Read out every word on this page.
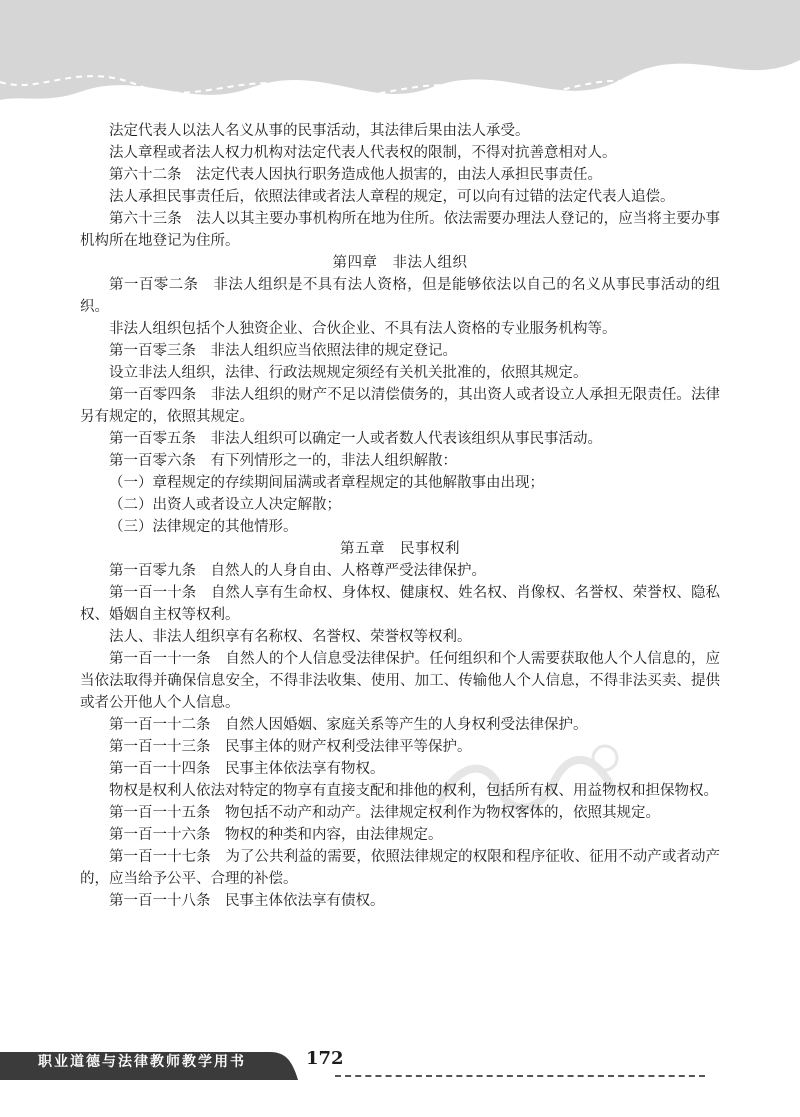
法定代表人以法人名义从事的民事活动，其法律后果由法人承受。

法人章程或者法人权力机构对法定代表人代表权的限制，不得对抗善意相对人。

第六十二条　法定代表人因执行职务造成他人损害的，由法人承担民事责任。

法人承担民事责任后，依照法律或者法人章程的规定，可以向有过错的法定代表人追偿。

第六十三条　法人以其主要办事机构所在地为住所。依法需要办理法人登记的，应当将主要办事机构所在地登记为住所。

第四章　非法人组织

第一百零二条　非法人组织是不具有法人资格，但是能够依法以自己的名义从事民事活动的组织。

非法人组织包括个人独资企业、合伙企业、不具有法人资格的专业服务机构等。

第一百零三条　非法人组织应当依照法律的规定登记。

设立非法人组织，法律、行政法规规定须经有关机关批准的，依照其规定。

第一百零四条　非法人组织的财产不足以清偿债务的，其出资人或者设立人承担无限责任。法律另有规定的，依照其规定。

第一百零五条　非法人组织可以确定一人或者数人代表该组织从事民事活动。

第一百零六条　有下列情形之一的，非法人组织解散：

（一）章程规定的存续期间届满或者章程规定的其他解散事由出现；

（二）出资人或者设立人决定解散；

（三）法律规定的其他情形。

第五章　民事权利

第一百零九条　自然人的人身自由、人格尊严受法律保护。

第一百一十条　自然人享有生命权、身体权、健康权、姓名权、肖像权、名誉权、荣誉权、隐私权、婚姻自主权等权利。

法人、非法人组织享有名称权、名誉权、荣誉权等权利。

第一百一十一条　自然人的个人信息受法律保护。任何组织和个人需要获取他人个人信息的，应当依法取得并确保信息安全，不得非法收集、使用、加工、传输他人个人信息，不得非法买卖、提供或者公开他人个人信息。

第一百一十二条　自然人因婚姻、家庭关系等产生的人身权利受法律保护。

第一百一十三条　民事主体的财产权利受法律平等保护。

第一百一十四条　民事主体依法享有物权。

物权是权利人依法对特定的物享有直接支配和排他的权利，包括所有权、用益物权和担保物权。

第一百一十五条　物包括不动产和动产。法律规定权利作为物权客体的，依照其规定。

第一百一十六条　物权的种类和内容，由法律规定。

第一百一十七条　为了公共利益的需要，依照法律规定的权限和程序征收、征用不动产或者动产的，应当给予公平、合理的补偿。

第一百一十八条　民事主体依法享有债权。

职业道德与法律教师教学用书	172
